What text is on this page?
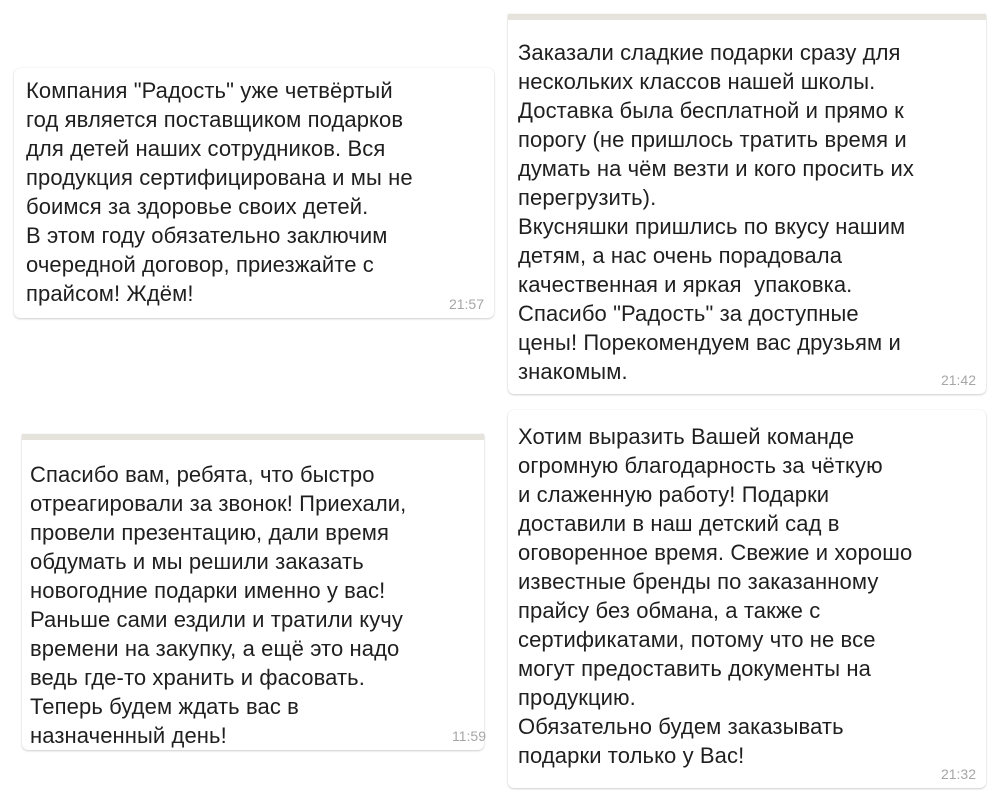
Компания "Радость" уже четвёртый
год является поставщиком подарков
для детей наших сотрудников. Вся
продукция сертифицирована и мы не
боимся за здоровье своих детей.
В этом году обязательно заключим
очередной договор, приезжайте с
прайсом! Ждём!	21:57
Заказали сладкие подарки сразу для
нескольких классов нашей школы.
Доставка была бесплатной и прямо к
порогу (не пришлось тратить время и
думать на чём везти и кого просить их
перегрузить).
Вкусняшки пришлись по вкусу нашим
детям, а нас очень порадовала
качественная и яркая  упаковка.
Спасибо "Радость" за доступные
цены! Порекомендуем вас друзьям и
знакомым.	21:42
Спасибо вам, ребята, что быстро
отреагировали за звонок! Приехали,
провели презентацию, дали время
обдумать и мы решили заказать
новогодние подарки именно у вас!
Раньше сами ездили и тратили кучу
времени на закупку, а ещё это надо
ведь где-то хранить и фасовать.
Теперь будем ждать вас в
назначенный день!	11:59
Хотим выразить Вашей команде
огромную благодарность за чёткую
и слаженную работу! Подарки
доставили в наш детский сад в
оговоренное время. Свежие и хорошо
известные бренды по заказанному
прайсу без обмана, а также с
сертификатами, потому что не все
могут предоставить документы на
продукцию.
Обязательно будем заказывать
подарки только у Вас!
21:32
